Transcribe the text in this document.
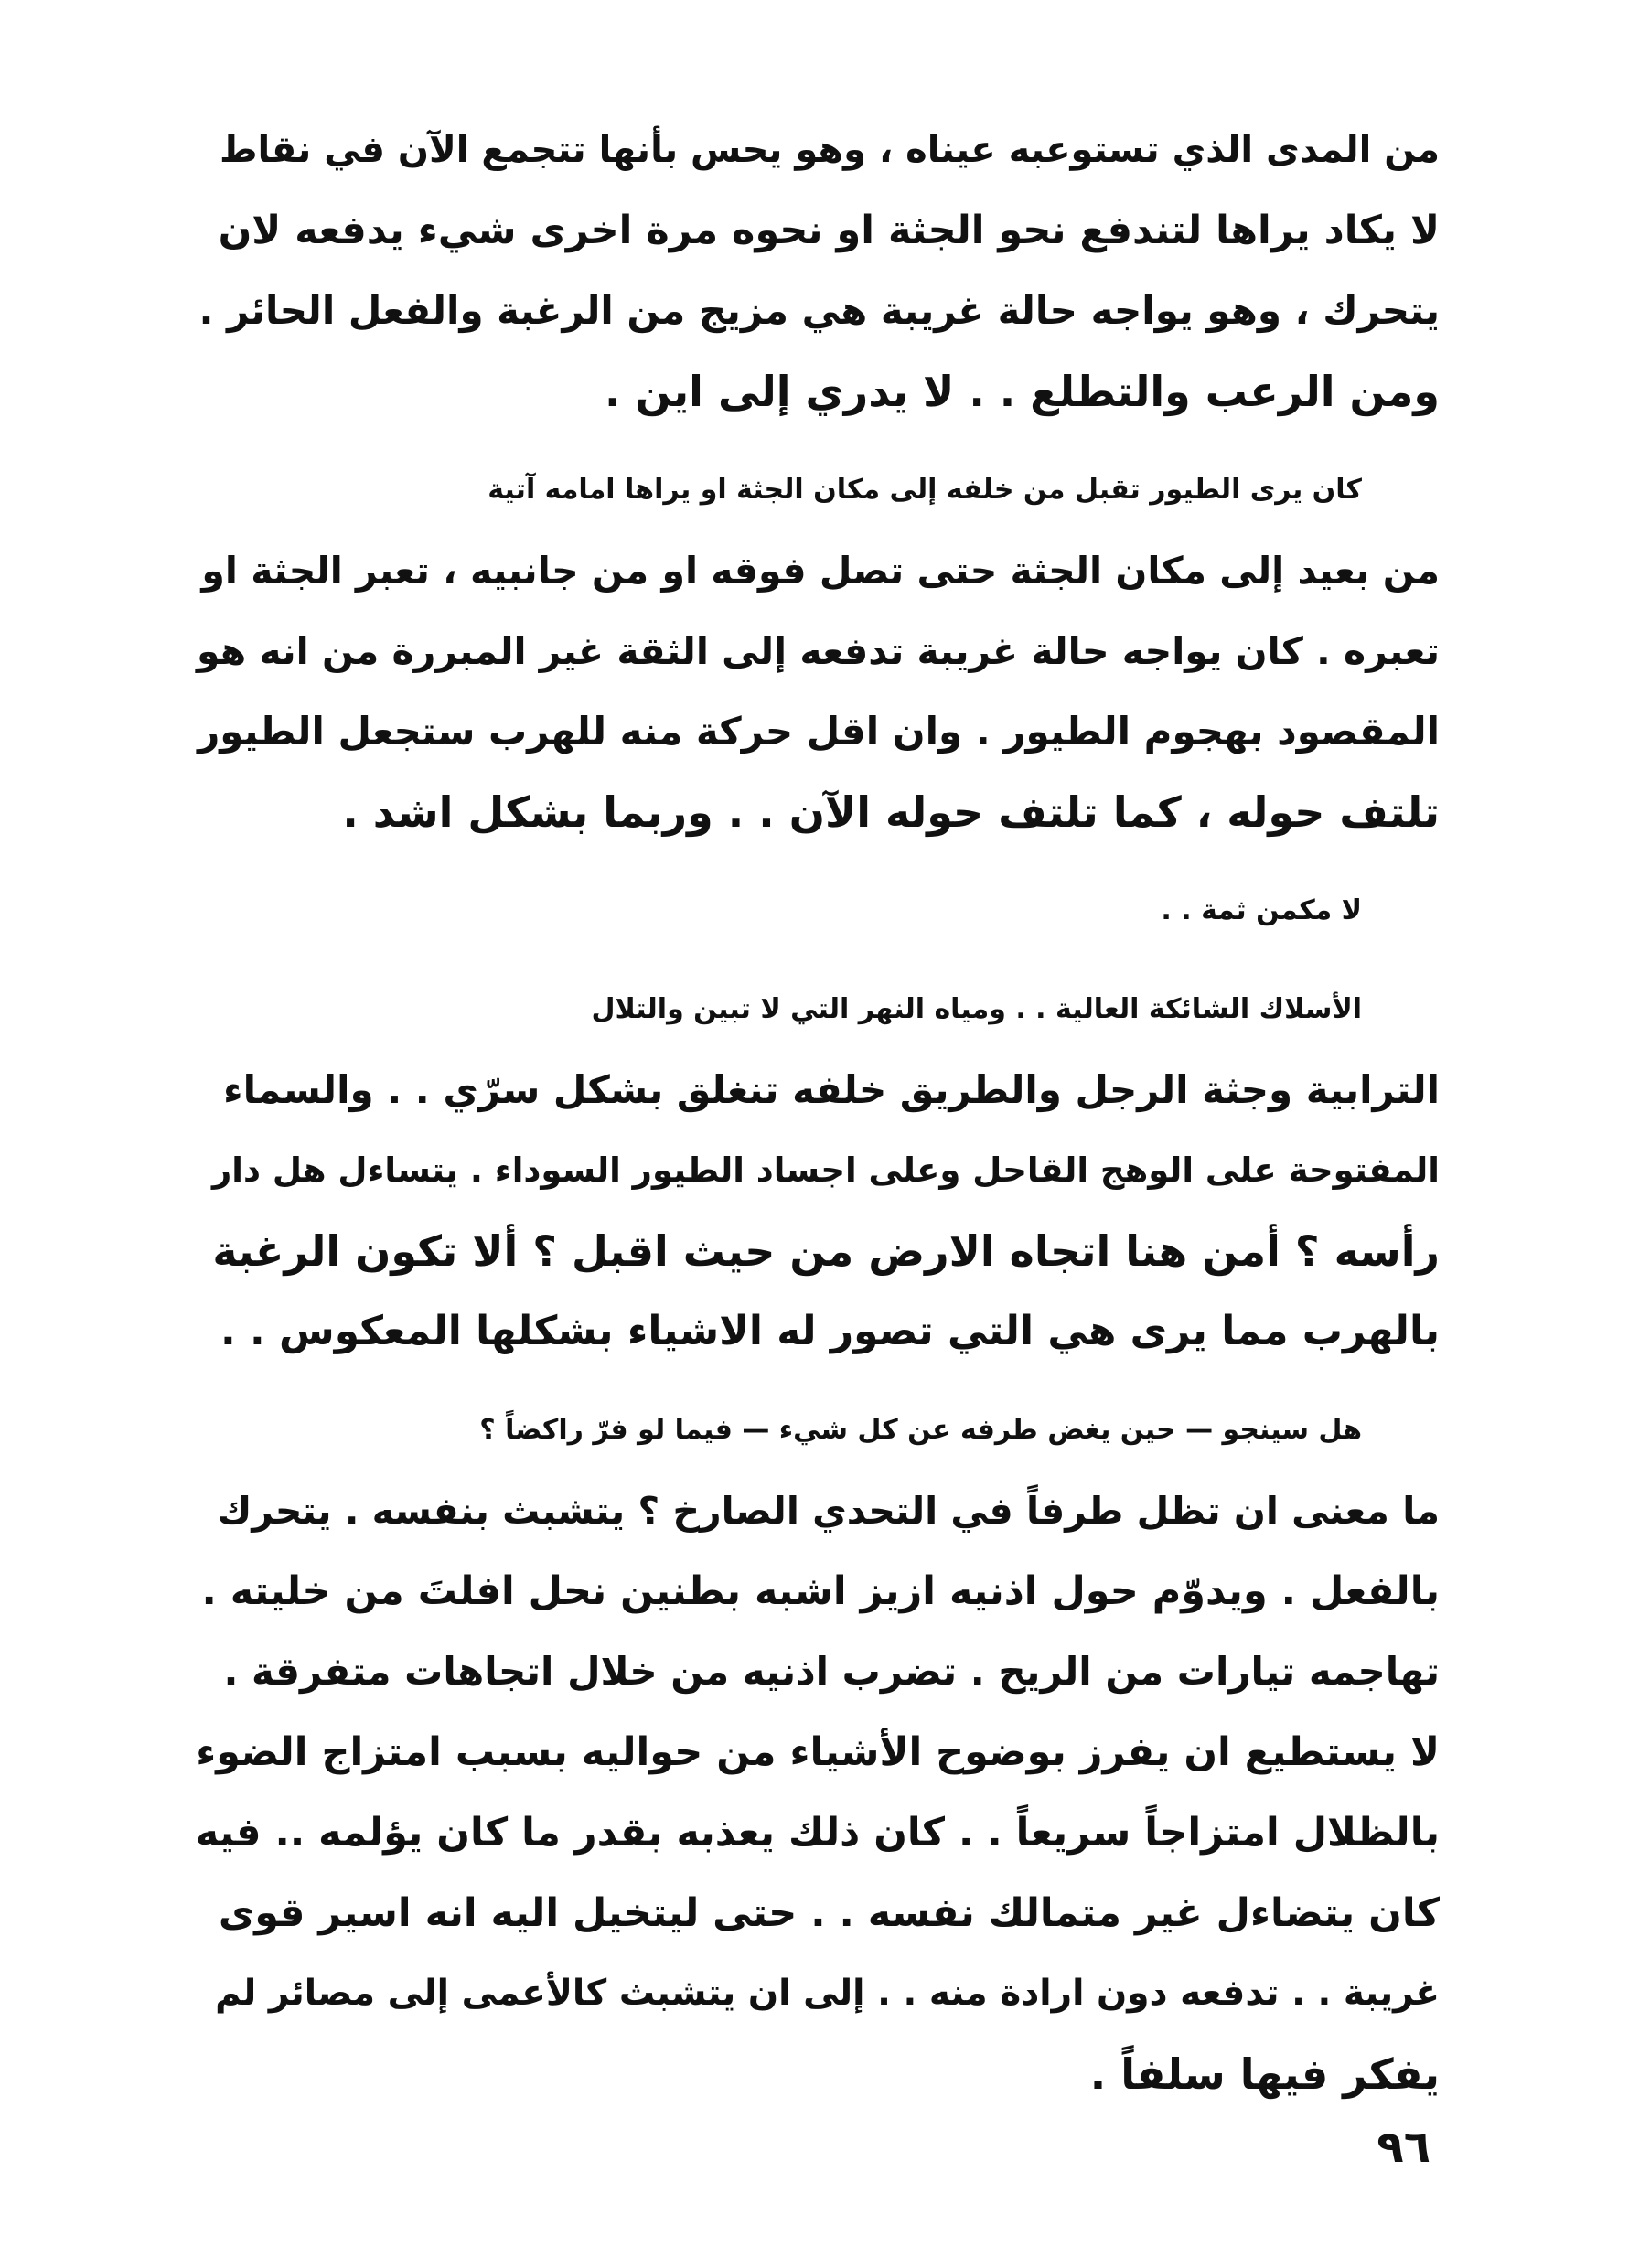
من المدى الذي تستوعبه عيناه ، وهو يحس بأنها تتجمع الآن في نقاط
لا يكاد يراها لتندفع نحو الجثة او نحوه مرة اخرى شيء يدفعه لان
يتحرك ، وهو يواجه حالة غريبة هي مزيج من الرغبة والفعل الحائر .
ومن الرعب والتطلع . . لا يدري إلى اين .
كان يرى الطيور تقبل من خلفه إلى مكان الجثة او يراها امامه آتية
من بعيد إلى مكان الجثة حتى تصل فوقه او من جانبيه ، تعبر الجثة او
تعبره . كان يواجه حالة غريبة تدفعه إلى الثقة غير المبررة من انه هو
المقصود بهجوم الطيور . وان اقل حركة منه للهرب ستجعل الطيور
تلتف حوله ، كما تلتف حوله الآن . . وربما بشكل اشد .
لا مكمن ثمة . .
الأسلاك الشائكة العالية . . ومياه النهر التي لا تبين والتلال
الترابية وجثة الرجل والطريق خلفه تنغلق بشكل سرّي . . والسماء
المفتوحة على الوهج القاحل وعلى اجساد الطيور السوداء . يتساءل هل دار
رأسه ؟ أمن هنا اتجاه الارض من حيث اقبل ؟ ألا تكون الرغبة
بالهرب مما يرى هي التي تصور له الاشياء بشكلها المعكوس . .
هل سينجو — حين يغض طرفه عن كل شيء — فيما لو فرّ راكضاً ؟
ما معنى ان تظل طرفاً في التحدي الصارخ ؟ يتشبث بنفسه . يتحرك
بالفعل . ويدوّم حول اذنيه ازيز اشبه بطنين نحل افلتَ من خليته .
تهاجمه تيارات من الريح . تضرب اذنيه من خلال اتجاهات متفرقة .
لا يستطيع ان يفرز بوضوح الأشياء من حواليه بسبب امتزاج الضوء
بالظلال امتزاجاً سريعاً . . كان ذلك يعذبه بقدر ما كان يؤلمه .. فيه
كان يتضاءل غير متمالك نفسه . . حتى ليتخيل اليه انه اسير قوى
غريبة . . تدفعه دون ارادة منه . . إلى ان يتشبث كالأعمى إلى مصائر لم
يفكر فيها سلفاً .
٩٦
